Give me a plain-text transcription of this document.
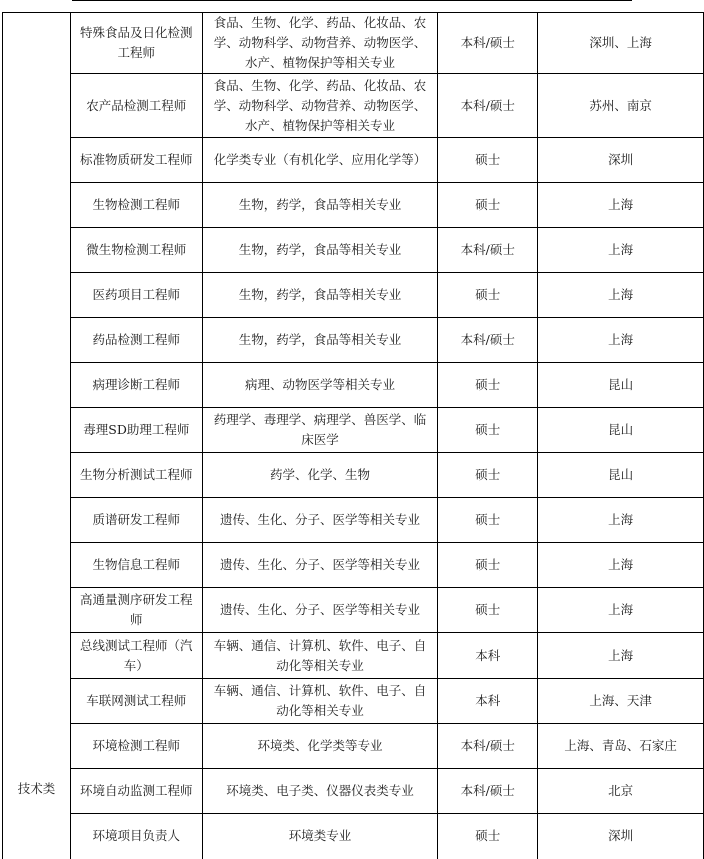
技术类	特殊食品及日化检测工程师	食品、生物、化学、药品、化妆品、农学、动物科学、动物营养、动物医学、水产、植物保护等相关专业	本科/硕士	深圳、上海
	农产品检测工程师	食品、生物、化学、药品、化妆品、农学、动物科学、动物营养、动物医学、水产、植物保护等相关专业	本科/硕士	苏州、南京
	标准物质研发工程师	化学类专业（有机化学、应用化学等）	硕士	深圳
	生物检测工程师	生物，药学，食品等相关专业	硕士	上海
	微生物检测工程师	生物，药学，食品等相关专业	本科/硕士	上海
	医药项目工程师	生物，药学，食品等相关专业	硕士	上海
	药品检测工程师	生物，药学，食品等相关专业	本科/硕士	上海
	病理诊断工程师	病理、动物医学等相关专业	硕士	昆山
	毒理SD助理工程师	药理学、毒理学、病理学、兽医学、临床医学	硕士	昆山
	生物分析测试工程师	药学、化学、生物	硕士	昆山
	质谱研发工程师	遗传、生化、分子、医学等相关专业	硕士	上海
	生物信息工程师	遗传、生化、分子、医学等相关专业	硕士	上海
	高通量测序研发工程师	遗传、生化、分子、医学等相关专业	硕士	上海
	总线测试工程师（汽车）	车辆、通信、计算机、软件、电子、自动化等相关专业	本科	上海
	车联网测试工程师	车辆、通信、计算机、软件、电子、自动化等相关专业	本科	上海、天津
	环境检测工程师	环境类、化学类等专业	本科/硕士	上海、青岛、石家庄
	环境自动监测工程师	环境类、电子类、仪器仪表类专业	本科/硕士	北京
	环境项目负责人	环境类专业	硕士	深圳
